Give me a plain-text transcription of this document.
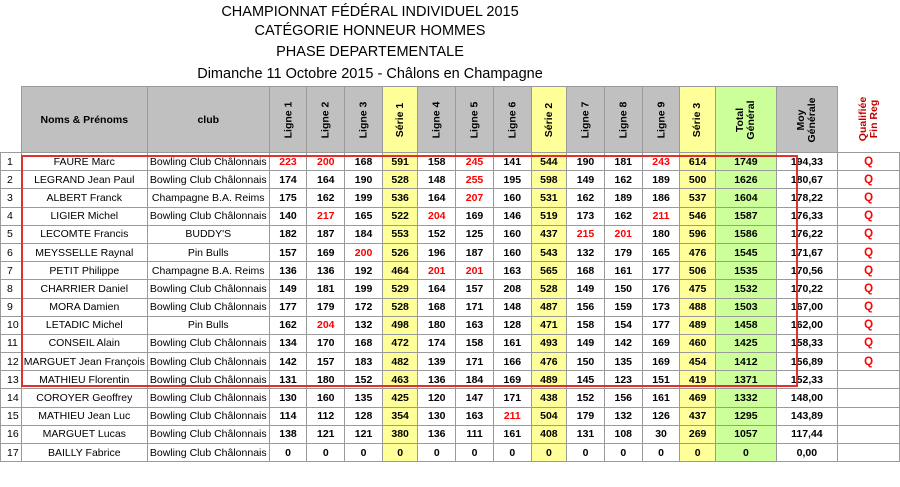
CHAMPIONNAT FÉDÉRAL INDIVIDUEL 2015
CATÉGORIE HONNEUR HOMMES
PHASE DEPARTEMENTALE
Dimanche 11 Octobre 2015 - Châlons en Champagne
	Noms & Prénoms	club	Ligne 1	Ligne 2	Ligne 3	Série 1	Ligne 4	Ligne 5	Ligne 6	Série 2	Ligne 7	Ligne 8	Ligne 9	Série 3	Total Général	Moy Générale	Qualifiée Fin Reg
1	FAURE Marc	Bowling Club Châlonnais	223	200	168	591	158	245	141	544	190	181	243	614	1749	194,33	Q
2	LEGRAND Jean Paul	Bowling Club Châlonnais	174	164	190	528	148	255	195	598	149	162	189	500	1626	180,67	Q
3	ALBERT Franck	Champagne B.A. Reims	175	162	199	536	164	207	160	531	162	189	186	537	1604	178,22	Q
4	LIGIER Michel	Bowling Club Châlonnais	140	217	165	522	204	169	146	519	173	162	211	546	1587	176,33	Q
5	LECOMTE Francis	BUDDY'S	182	187	184	553	152	125	160	437	215	201	180	596	1586	176,22	Q
6	MEYSSELLE Raynal	Pin Bulls	157	169	200	526	196	187	160	543	132	179	165	476	1545	171,67	Q
7	PETIT Philippe	Champagne B.A. Reims	136	136	192	464	201	201	163	565	168	161	177	506	1535	170,56	Q
8	CHARRIER Daniel	Bowling Club Châlonnais	149	181	199	529	164	157	208	528	149	150	176	475	1532	170,22	Q
9	MORA Damien	Bowling Club Châlonnais	177	179	172	528	168	171	148	487	156	159	173	488	1503	167,00	Q
10	LETADIC Michel	Pin Bulls	162	204	132	498	180	163	128	471	158	154	177	489	1458	162,00	Q
11	CONSEIL Alain	Bowling Club Châlonnais	134	170	168	472	174	158	161	493	149	142	169	460	1425	158,33	Q
12	MARGUET Jean François	Bowling Club Châlonnais	142	157	183	482	139	171	166	476	150	135	169	454	1412	156,89	Q
13	MATHIEU Florentin	Bowling Club Châlonnais	131	180	152	463	136	184	169	489	145	123	151	419	1371	152,33	
14	COROYER Geoffrey	Bowling Club Châlonnais	130	160	135	425	120	147	171	438	152	156	161	469	1332	148,00	
15	MATHIEU Jean Luc	Bowling Club Châlonnais	114	112	128	354	130	163	211	504	179	132	126	437	1295	143,89	
16	MARGUET Lucas	Bowling Club Châlonnais	138	121	121	380	136	111	161	408	131	108	30	269	1057	117,44	
17	BAILLY Fabrice	Bowling Club Châlonnais	0	0	0	0	0	0	0	0	0	0	0	0	0	0,00	
